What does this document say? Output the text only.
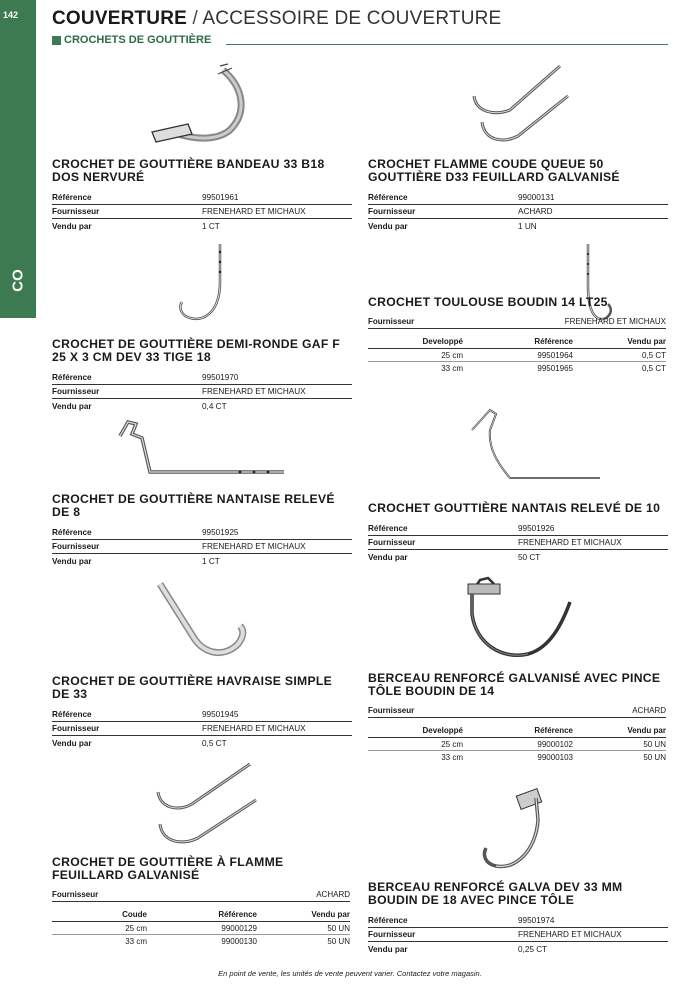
142
CO
COUVERTURE / ACCESSOIRE DE COUVERTURE
CROCHETS DE GOUTTIÈRE
CROCHET DE GOUTTIÈRE BANDEAU 33 B18 DOS NERVURÉ
Référence	99501961
Fournisseur	FRENEHARD ET MICHAUX
Vendu par	1 CT
CROCHET FLAMME COUDE QUEUE 50 GOUTTIÈRE D33 FEUILLARD GALVANISÉ
Référence	99000131
Fournisseur	ACHARD
Vendu par	1 UN
CROCHET DE GOUTTIÈRE DEMI-RONDE GAF F 25 X 3 CM DEV 33 TIGE 18
Référence	99501970
Fournisseur	FRENEHARD ET MICHAUX
Vendu par	0,4 CT
CROCHET TOULOUSE BOUDIN 14 LT25
Fournisseur	FRENEHARD ET MICHAUX
Developpé	Référence	Vendu par
25 cm	99501964	0,5 CT
33 cm	99501965	0,5 CT
CROCHET DE GOUTTIÈRE NANTAISE RELEVÉ DE 8
Référence	99501925
Fournisseur	FRENEHARD ET MICHAUX
Vendu par	1 CT
CROCHET GOUTTIÈRE NANTAIS RELEVÉ DE 10
Référence	99501926
Fournisseur	FRENEHARD ET MICHAUX
Vendu par	50 CT
CROCHET DE GOUTTIÈRE HAVRAISE SIMPLE DE 33
Référence	99501945
Fournisseur	FRENEHARD ET MICHAUX
Vendu par	0,5 CT
BERCEAU RENFORCÉ GALVANISÉ AVEC PINCE TÔLE BOUDIN DE 14
Fournisseur	ACHARD
Developpé	Référence	Vendu par
25 cm	99000102	50 UN
33 cm	99000103	50 UN
CROCHET DE GOUTTIÈRE À FLAMME FEUILLARD GALVANISÉ
Fournisseur	ACHARD
Coude	Référence	Vendu par
25 cm	99000129	50 UN
33 cm	99000130	50 UN
BERCEAU RENFORCÉ GALVA DEV 33 MM BOUDIN DE 18 AVEC PINCE TÔLE
Référence	99501974
Fournisseur	FRENEHARD ET MICHAUX
Vendu par	0,25 CT
En point de vente, les unités de vente peuvent varier. Contactez votre magasin.
